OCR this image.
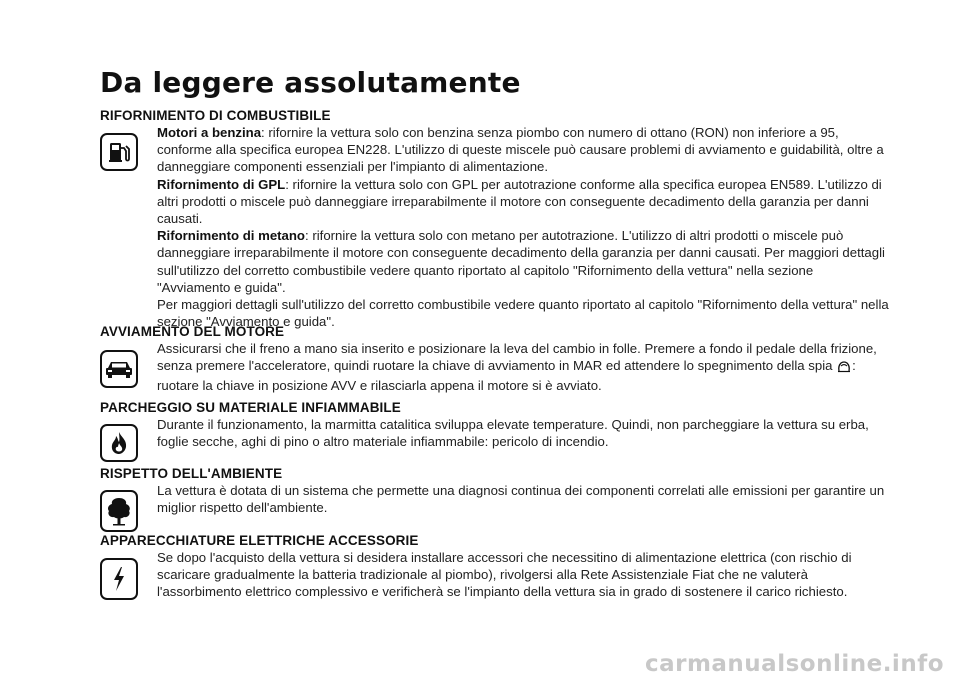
Da leggere assolutamente
RIFORNIMENTO DI COMBUSTIBILE

Motori a benzina: rifornire la vettura solo con benzina senza piombo con numero di ottano (RON) non inferiore a 95, conforme alla specifica europea EN228. L'utilizzo di queste miscele può causare problemi di avviamento e guidabilità, oltre a danneggiare componenti essenziali per l'impianto di alimentazione.

Rifornimento di GPL: rifornire la vettura solo con GPL per autotrazione conforme alla specifica europea EN589. L'utilizzo di altri prodotti o miscele può danneggiare irreparabilmente il motore con conseguente decadimento della garanzia per danni causati.

Rifornimento di metano: rifornire la vettura solo con metano per autotrazione. L'utilizzo di altri prodotti o miscele può danneggiare irreparabilmente il motore con conseguente decadimento della garanzia per danni causati. Per maggiori dettagli sull'utilizzo del corretto combustibile vedere quanto riportato al capitolo "Rifornimento della vettura" nella sezione "Avviamento e guida".

Per maggiori dettagli sull'utilizzo del corretto combustibile vedere quanto riportato al capitolo "Rifornimento della vettura" nella sezione "Avviamento e guida".

AVVIAMENTO DEL MOTORE
Assicurarsi che il freno a mano sia inserito e posizionare la leva del cambio in folle. Premere a fondo il pedale della frizione, senza premere l'acceleratore, quindi ruotare la chiave di avviamento in MAR ed attendere lo spegnimento della spia : ruotare la chiave in posizione AVV e rilasciarla appena il motore si è avviato.
PARCHEGGIO SU MATERIALE INFIAMMABILE
Durante il funzionamento, la marmitta catalitica sviluppa elevate temperature. Quindi, non parcheggiare la vettura su erba, foglie secche, aghi di pino o altro materiale infiammabile: pericolo di incendio.
RISPETTO DELL'AMBIENTE
La vettura è dotata di un sistema che permette una diagnosi continua dei componenti correlati alle emissioni per garantire un miglior rispetto dell'ambiente.
APPARECCHIATURE ELETTRICHE ACCESSORIE
Se dopo l'acquisto della vettura si desidera installare accessori che necessitino di alimentazione elettrica (con rischio di scaricare gradualmente la batteria tradizionale al piombo), rivolgersi alla Rete Assistenziale Fiat che ne valuterà l'assorbimento elettrico complessivo e verificherà se l'impianto della vettura sia in grado di sostenere il carico richiesto.
carmanualsonline.info
